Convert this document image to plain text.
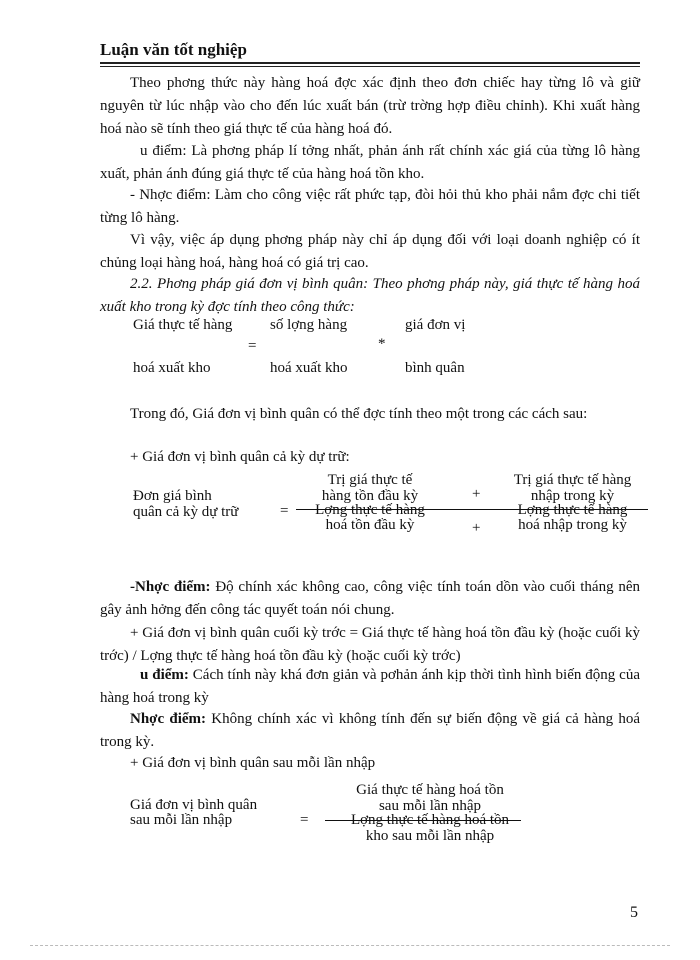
Luận văn tốt nghiệp

Theo phơng thức này hàng hoá đợc xác định theo đơn chiếc hay từng lô và giữ nguyên từ lúc nhập vào cho đến lúc xuất bán (trừ trờng hợp điều chỉnh). Khi xuất hàng hoá nào sẽ tính theo giá thực tế của hàng hoá đó.

u điểm: Là phơng pháp lí tởng nhất, phản ánh rất chính xác giá của từng lô hàng xuất, phản ánh đúng giá thực tế của hàng hoá tồn kho.

- Nhợc điểm: Làm cho công việc rất phức tạp, đòi hỏi thủ kho phải nắm đợc chi tiết từng lô hàng.

Vì vậy, việc áp dụng phơng pháp này chỉ áp dụng đối với loại doanh nghiệp có ít chủng loại hàng hoá, hàng hoá có giá trị cao.

2.2. Phơng pháp giá đơn vị bình quân: Theo phơng pháp này, giá thực tế hàng hoá xuất kho trong kỳ đợc tính theo công thức:

Giá thực tế hàng
hoá xuất kho
=
số lợng hàng
hoá xuất kho
*
giá đơn vị
bình quân

Trong đó, Giá đơn vị bình quân có thể đợc tính theo một trong các cách sau:

+ Giá đơn vị bình quân cả kỳ dự trữ:

Đơn giá bình
quân cả kỳ dự trữ	=
Trị giá thực tế
hàng tồn đầu kỳ	+
Trị giá thực tế hàng
nhập trong kỳ
Lợng thực tế hàng
hoá tồn đầu kỳ	+
Lợng thực tế hàng
hoá nhập trong kỳ

-Nhợc điểm: Độ chính xác không cao, công việc tính toán dồn vào cuối tháng nên gây ảnh hởng đến công tác quyết toán nói chung.

+ Giá đơn vị bình quân cuối kỳ trớc = Giá thực tế hàng hoá tồn đầu kỳ (hoặc cuối kỳ trớc) / Lợng thực tế hàng hoá tồn đầu kỳ (hoặc cuối kỳ trớc)

u điểm: Cách tính này khá đơn giản và pơhản ánh kịp thời tình hình biến động của hàng hoá trong kỳ

Nhợc điểm: Không chính xác vì không tính đến sự biến động về giá cả hàng hoá trong kỳ.

+ Giá đơn vị bình quân sau mỗi lần nhập

Giá đơn vị bình quân
sau mỗi lần nhập	=
Giá thực tế hàng hoá tồn
sau mỗi lần nhập
Lợng thực tế hàng hoá tồn
kho sau mỗi lần nhập
5
